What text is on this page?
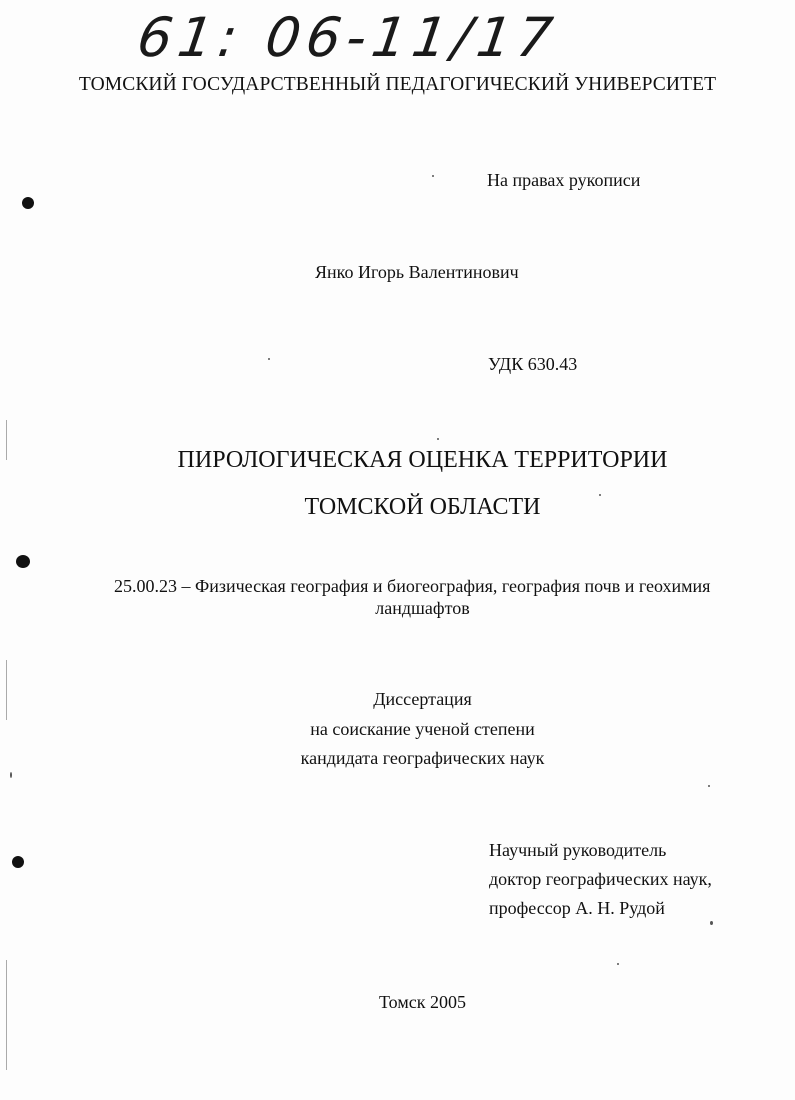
61: 06-11/17
ТОМСКИЙ ГОСУДАРСТВЕННЫЙ ПЕДАГОГИЧЕСКИЙ УНИВЕРСИТЕТ
На правах рукописи
Янко Игорь Валентинович
УДК 630.43
ПИРОЛОГИЧЕСКАЯ ОЦЕНКА ТЕРРИТОРИИ
ТОМСКОЙ ОБЛАСТИ
25.00.23 – Физическая география и биогеография, география почв и геохимия
ландшафтов
Диссертация
на соискание ученой степени
кандидата географических наук
Научный руководитель
доктор географических наук,
профессор А. Н. Рудой
Томск 2005
